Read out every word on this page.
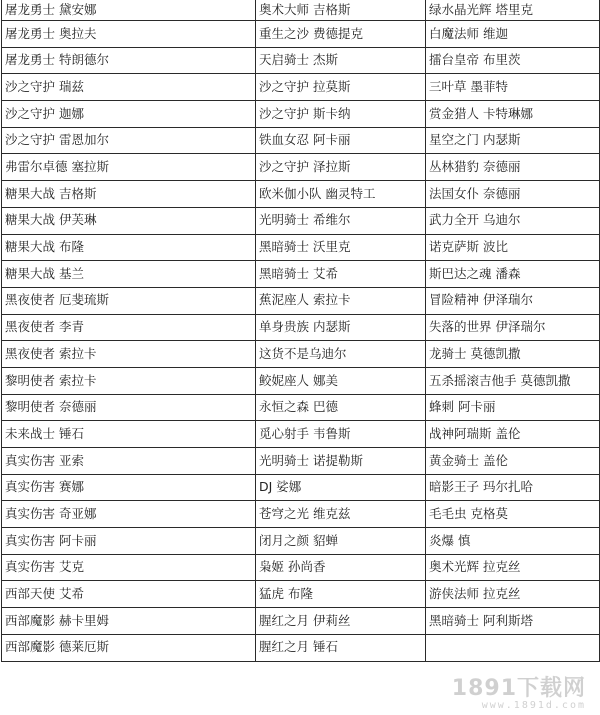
屠龙勇士 黛安娜	奥术大师 吉格斯	绿水晶光辉 塔里克
屠龙勇士 奥拉夫	重生之沙 费德提克	白魔法师 维迦
屠龙勇士 特朗德尔	天启骑士 杰斯	擂台皇帝 布里茨
沙之守护 瑞兹	沙之守护 拉莫斯	三叶草 墨菲特
沙之守护 迦娜	沙之守护 斯卡纳	赏金猎人 卡特琳娜
沙之守护 雷恩加尔	铁血女忍 阿卡丽	星空之门 内瑟斯
弗雷尔卓德 塞拉斯	沙之守护 泽拉斯	丛林猎豹 奈德丽
糖果大战 吉格斯	欧米伽小队 幽灵特工	法国女仆 奈德丽
糖果大战 伊芙琳	光明骑士 希维尔	武力全开 乌迪尔
糖果大战 布隆	黑暗骑士 沃里克	诺克萨斯 波比
糖果大战 基兰	黑暗骑士 艾希	斯巴达之魂 潘森
黑夜使者 厄斐琉斯	蕉泥座人 索拉卡	冒险精神 伊泽瑞尔
黑夜使者 李青	单身贵族 内瑟斯	失落的世界 伊泽瑞尔
黑夜使者 索拉卡	这货不是乌迪尔	龙骑士 莫德凯撒
黎明使者 索拉卡	鲛妮座人 娜美	五杀摇滚吉他手 莫德凯撒
黎明使者 奈德丽	永恒之森 巴德	蜂刺 阿卡丽
未来战士 锤石	觅心射手 韦鲁斯	战神阿瑞斯 盖伦
真实伤害 亚索	光明骑士 诺提勒斯	黄金骑士 盖伦
真实伤害 赛娜	DJ 娑娜	暗影王子 玛尔扎哈
真实伤害 奇亚娜	苍穹之光 维克兹	毛毛虫 克格莫
真实伤害 阿卡丽	闭月之颜 貂蝉	炎爆 慎
真实伤害 艾克	枭姬 孙尚香	奥术光辉 拉克丝
西部天使 艾希	猛虎 布隆	游侠法师 拉克丝
西部魔影 赫卡里姆	腥红之月 伊莉丝	黑暗骑士 阿利斯塔
西部魔影 德莱厄斯	腥红之月 锤石	
1891下载网
www.1891d.com
